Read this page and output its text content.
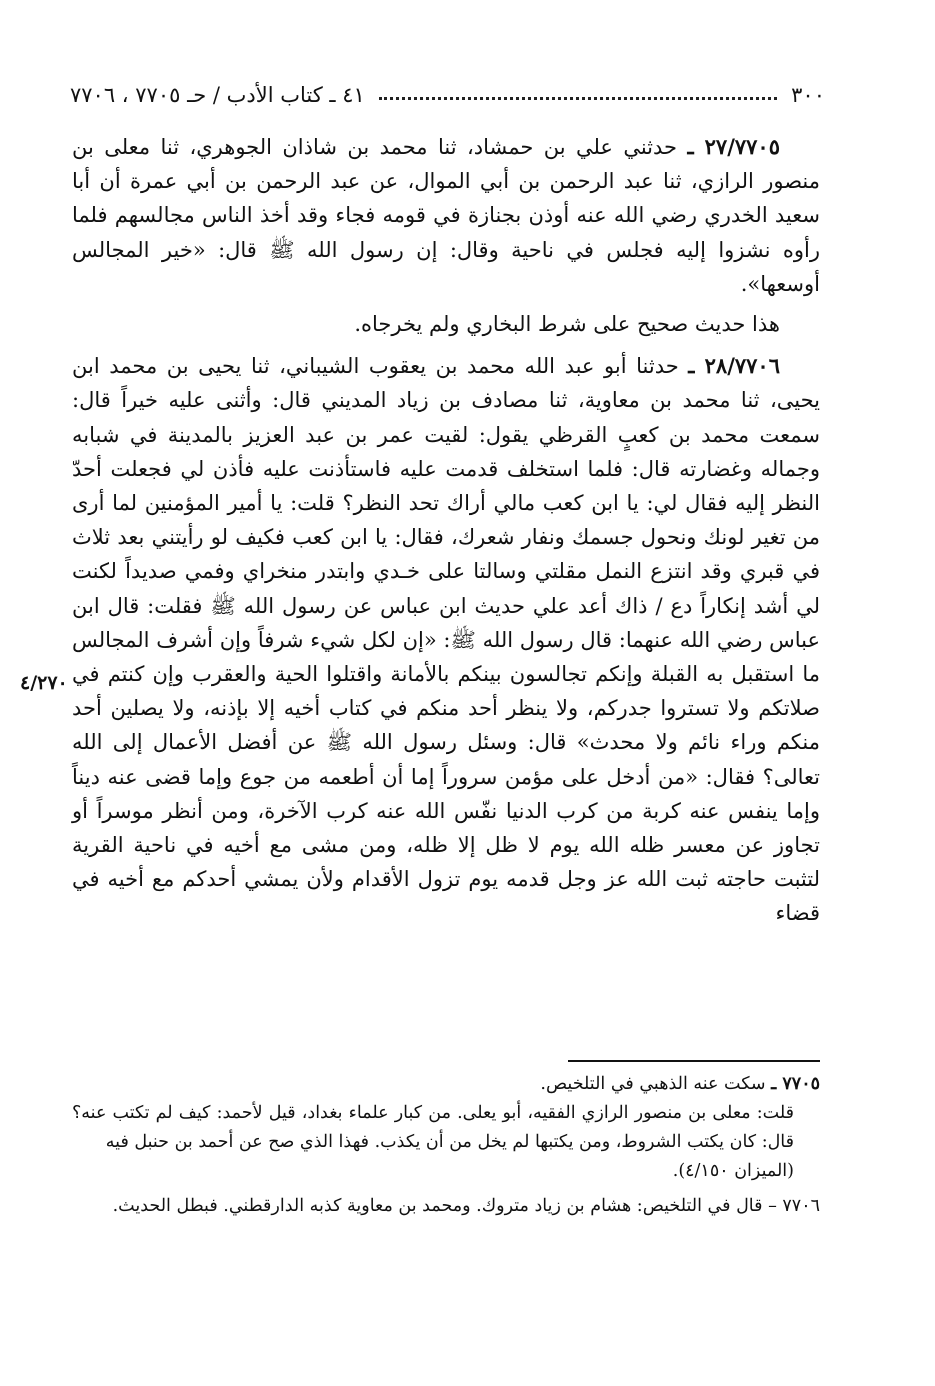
٣٠٠
٤١ ـ كتاب الأدب / حـ ٧٧٠٥ ، ٧٧٠٦

٢٧/٧٧٠٥ ـ حدثني علي بن حمشاد، ثنا محمد بن شاذان الجوهري، ثنا معلى بن منصور الرازي، ثنا عبد الرحمن بن أبي الموال، عن عبد الرحمن بن أبي عمرة أن أبا سعيد الخدري رضي الله عنه أوذن بجنازة في قومه فجاء وقد أخذ الناس مجالسهم فلما رأوه نشزوا إليه فجلس في ناحية وقال: إن رسول الله ﷺ قال: «خير المجالس أوسعها».

هذا حديث صحيح على شرط البخاري ولم يخرجاه.

٢٨/٧٧٠٦ ـ حدثنا أبو عبد الله محمد بن يعقوب الشيباني، ثنا يحيى بن محمد ابن يحيى، ثنا محمد بن معاوية، ثنا مصادف بن زياد المديني قال: وأثنى عليه خيراً قال: سمعت محمد بن كعبٍ القرظي يقول: لقيت عمر بن عبد العزيز بالمدينة في شبابه وجماله وغضارته قال: فلما استخلف قدمت عليه فاستأذنت عليه فأذن لي فجعلت أحدّ النظر إليه فقال لي: يا ابن كعب مالي أراك تحد النظر؟ قلت: يا أمير المؤمنين لما أرى من تغير لونك ونحول جسمك ونفار شعرك، فقال: يا ابن كعب فكيف لو رأيتني بعد ثلاث في قبري وقد انتزع النمل مقلتي وسالتا على خـدي وابتدر منخراي وفمي صديداً لكنت لي أشد إنكاراً دع / ذاك أعد علي حديث ابن عباس عن رسول الله ﷺ فقلت: قال ابن عباس رضي الله عنهما: قال رسول الله ﷺ: «إن لكل شيء شرفاً وإن أشرف المجالس ما استقبل به القبلة وإنكم تجالسون بينكم بالأمانة واقتلوا الحية والعقرب وإن كنتم في صلاتكم ولا تستروا جدركم، ولا ينظر أحد منكم في كتاب أخيه إلا بإذنه، ولا يصلين أحد منكم وراء نائم ولا محدث» قال: وسئل رسول الله ﷺ عن أفضل الأعمال إلى الله تعالى؟ فقال: «من أدخل على مؤمن سروراً إما أن أطعمه من جوع وإما قضى عنه ديناً وإما ينفس عنه كربة من كرب الدنيا نفّس الله عنه كرب الآخرة، ومن أنظر موسراً أو تجاوز عن معسر ظله الله يوم لا ظل إلا ظله، ومن مشى مع أخيه في ناحية القرية لتثبت حاجته ثبت الله عز وجل قدمه يوم تزول الأقدام ولأن يمشي أحدكم مع أخيه في قضاء

٤/٢٧٠

٧٧٠٥ ـ سكت عنه الذهبي في التلخيص.

قلت: معلى بن منصور الرازي الفقيه، أبو يعلى. من كبار علماء بغداد، قيل لأحمد: كيف لم تكتب عنه؟ قال: كان يكتب الشروط، ومن يكتبها لم يخل من أن يكذب. فهذا الذي صح عن أحمد بن حنبل فيه

(الميزان ٤/١٥٠).

٧٧٠٦ – قال في التلخيص: هشام بن زياد متروك. ومحمد بن معاوية كذبه الدارقطني. فبطل الحديث.
